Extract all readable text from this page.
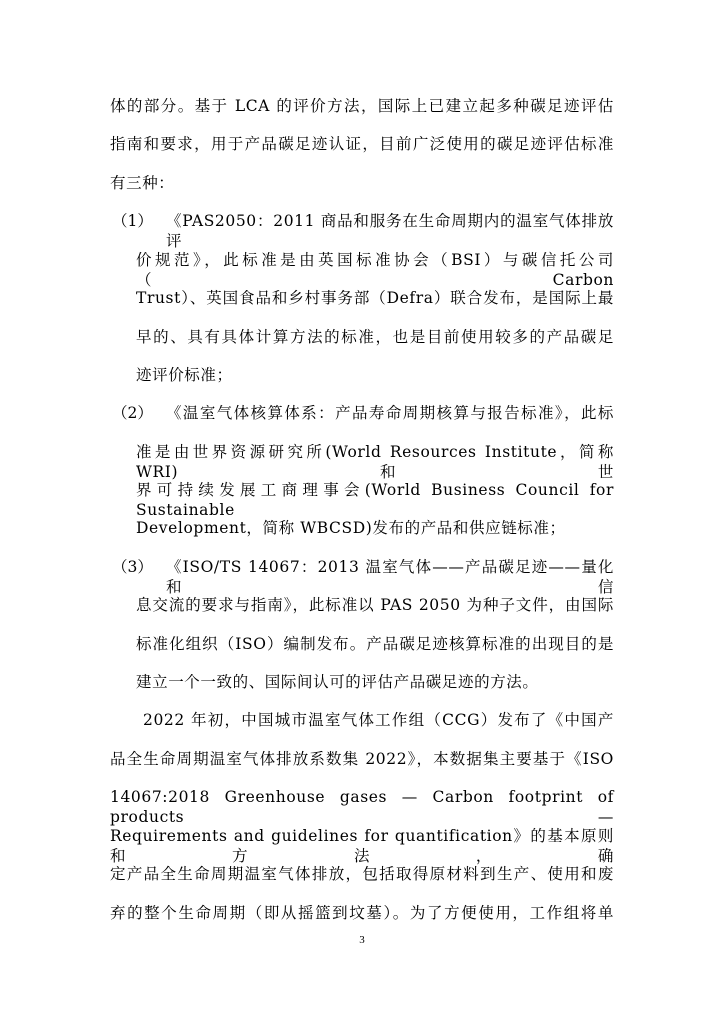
体的部分。基于 LCA 的评价方法，国际上已建立起多种碳足迹评估
指南和要求，用于产品碳足迹认证，目前广泛使用的碳足迹评估标准
有三种：
（1） 《PAS2050：2011 商品和服务在生命周期内的温室气体排放评
价规范》，此标准是由英国标准协会（BSI）与碳信托公司（Carbon
Trust）、英国食品和乡村事务部（Defra）联合发布，是国际上最
早的、具有具体计算方法的标准，也是目前使用较多的产品碳足
迹评价标准；
（2） 《温室气体核算体系：产品寿命周期核算与报告标准》，此标
准是由世界资源研究所(World Resources Institute，简称 WRI)和世
界可持续发展工商理事会(World Business Council for Sustainable
Development，简称 WBCSD)发布的产品和供应链标准；
（3） 《ISO/TS 14067：2013 温室气体——产品碳足迹——量化和信
息交流的要求与指南》，此标准以 PAS 2050 为种子文件，由国际
标准化组织（ISO）编制发布。产品碳足迹核算标准的出现目的是
建立一个一致的、国际间认可的评估产品碳足迹的方法。
2022 年初，中国城市温室气体工作组（CCG）发布了《中国产
品全生命周期温室气体排放系数集 2022》，本数据集主要基于《ISO
14067:2018 Greenhouse gases — Carbon footprint of products —
Requirements and guidelines for quantification》的基本原则和方法，确
定产品全生命周期温室气体排放，包括取得原材料到生产、使用和废
弃的整个生命周期（即从摇篮到坟墓）。为了方便使用，工作组将单
3
